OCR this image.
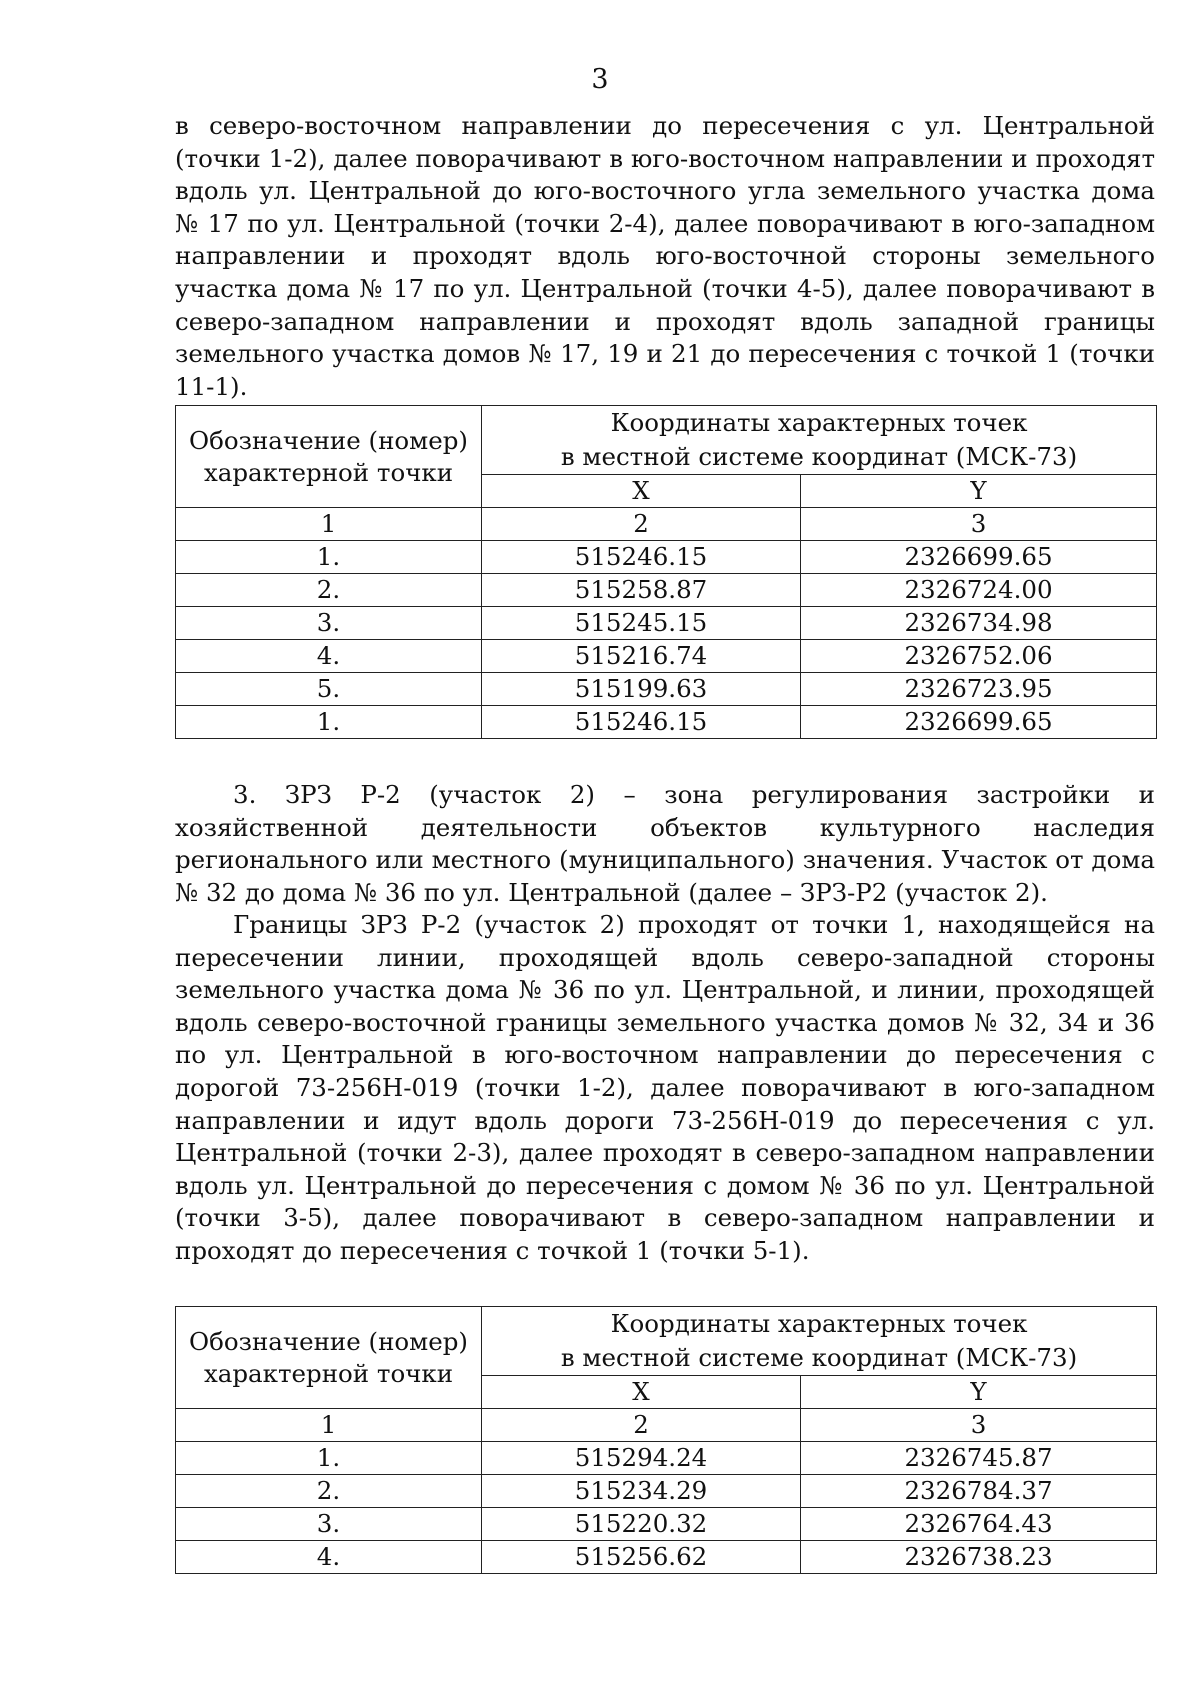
3

в северо-восточном направлении до пересечения с ул. Центральной (точки 1-2), далее поворачивают в юго-восточном направлении и проходят вдоль ул. Центральной до юго-восточного угла земельного участка дома № 17 по ул. Центральной (точки 2-4), далее поворачивают в юго-западном направлении и проходят вдоль юго-восточной стороны земельного участка дома № 17 по ул. Центральной (точки 4-5), далее поворачивают в северо-западном направлении и проходят вдоль западной границы земельного участка домов № 17, 19 и 21 до пересечения с точкой 1 (точки 11-1).

Обозначение (номер) характерной точки	Координаты характерных точек
в местной системе координат (МСК-73)	
	X	Y
1	2	3
1.	515246.15	2326699.65
2.	515258.87	2326724.00
3.	515245.15	2326734.98
4.	515216.74	2326752.06
5.	515199.63	2326723.95
1.	515246.15	2326699.65

3. ЗРЗ Р-2 (участок 2) – зона регулирования застройки и хозяйственной деятельности объектов культурного наследия регионального или местного (муниципального) значения. Участок от дома № 32 до дома № 36 по ул. Центральной (далее – ЗРЗ-Р2 (участок 2).

Границы ЗРЗ Р-2 (участок 2) проходят от точки 1, находящейся на пересечении линии, проходящей вдоль северо-западной стороны земельного участка дома № 36 по ул. Центральной, и линии, проходящей вдоль северо-восточной границы земельного участка домов № 32, 34 и 36 по ул. Центральной в юго-восточном направлении до пересечения с дорогой 73-256Н-019 (точки 1-2), далее поворачивают в юго-западном направлении и идут вдоль дороги 73-256Н-019 до пересечения с ул. Центральной (точки 2-3), далее проходят в северо-западном направлении вдоль ул. Центральной до пересечения с домом № 36 по ул. Центральной (точки 3-5), далее поворачивают в северо-западном направлении и проходят до пересечения с точкой 1 (точки 5-1).

Обозначение (номер) характерной точки	Координаты характерных точек
в местной системе координат (МСК-73)	
	X	Y
1	2	3
1.	515294.24	2326745.87
2.	515234.29	2326784.37
3.	515220.32	2326764.43
4.	515256.62	2326738.23
